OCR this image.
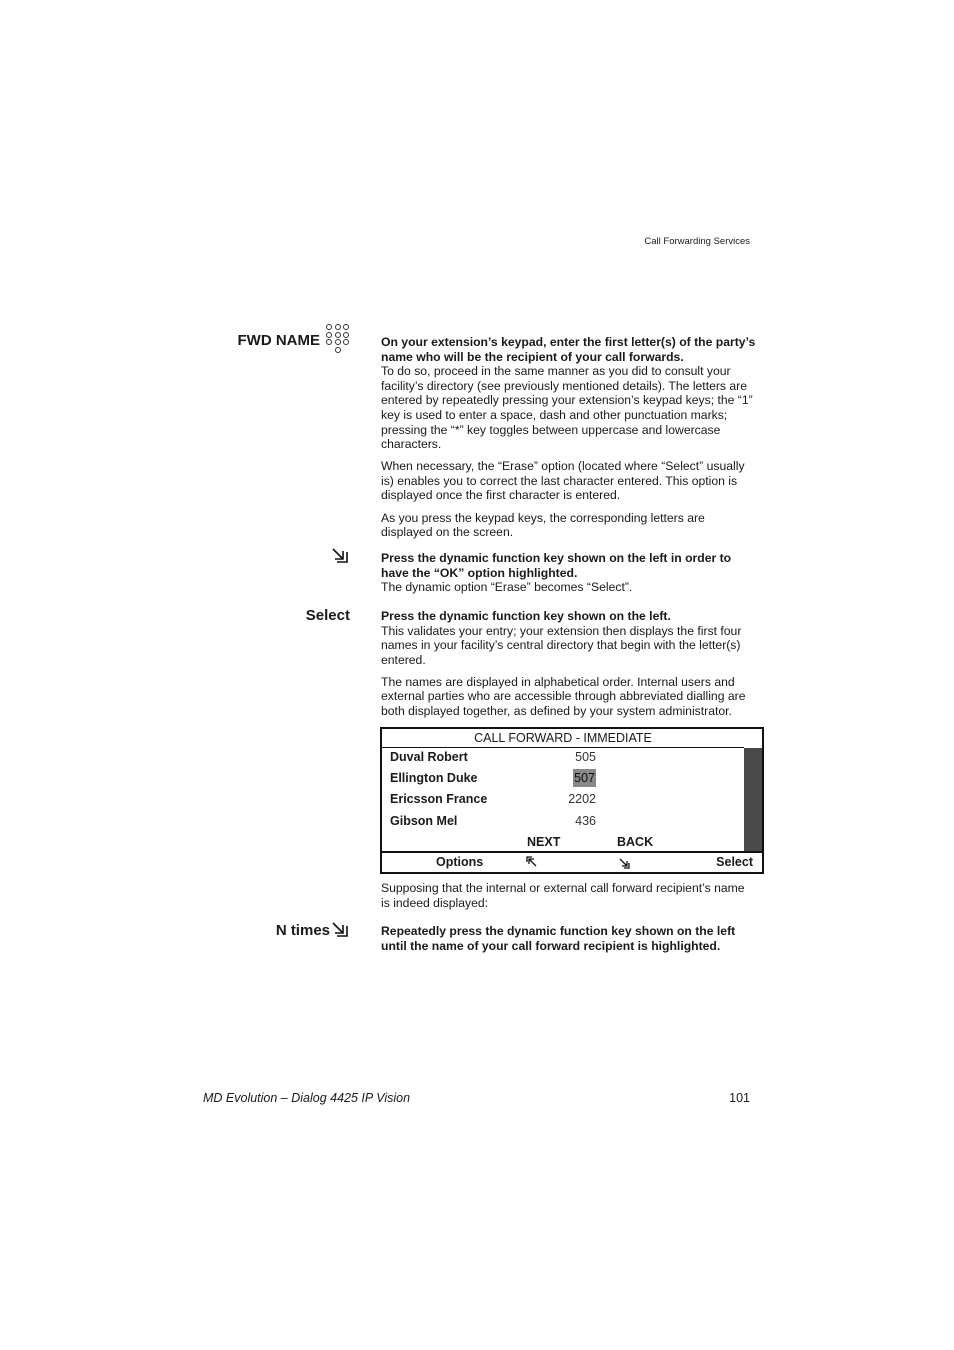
Call Forwarding Services
FWD NAME	On your extension’s keypad, enter the first letter(s) of the party’s name who will be the recipient of your call forwards.

To do so, proceed in the same manner as you did to consult your facility’s directory (see previously mentioned details). The letters are entered by repeatedly pressing your extension’s keypad keys; the “1” key is used to enter a space, dash and other punctuation marks; pressing the “*” key toggles between uppercase and lowercase characters.

When necessary, the “Erase” option (located where “Select” usually is) enables you to correct the last character entered. This option is displayed once the first character is entered.

As you press the keypad keys, the corresponding letters are displayed on the screen.

Press the dynamic function key shown on the left in order to have the “OK” option highlighted.

The dynamic option “Erase” becomes “Select”.

Select	Press the dynamic function key shown on the left.

This validates your entry; your extension then displays the first four names in your facility’s central directory that begin with the letter(s) entered.

The names are displayed in alphabetical order. Internal users and external parties who are accessible through abbreviated dialling are both displayed together, as defined by your system administrator.

CALL FORWARD - IMMEDIATE
Duval Robert	505
Ellington Duke	507
Ericsson France	2202
Gibson Mel	436
NEXT	BACK
Options	Select
Supposing that the internal or external call forward recipient’s name is indeed displayed:
N times	Repeatedly press the dynamic function key shown on the left until the name of your call forward recipient is highlighted.
MD Evolution – Dialog 4425 IP Vision	101
